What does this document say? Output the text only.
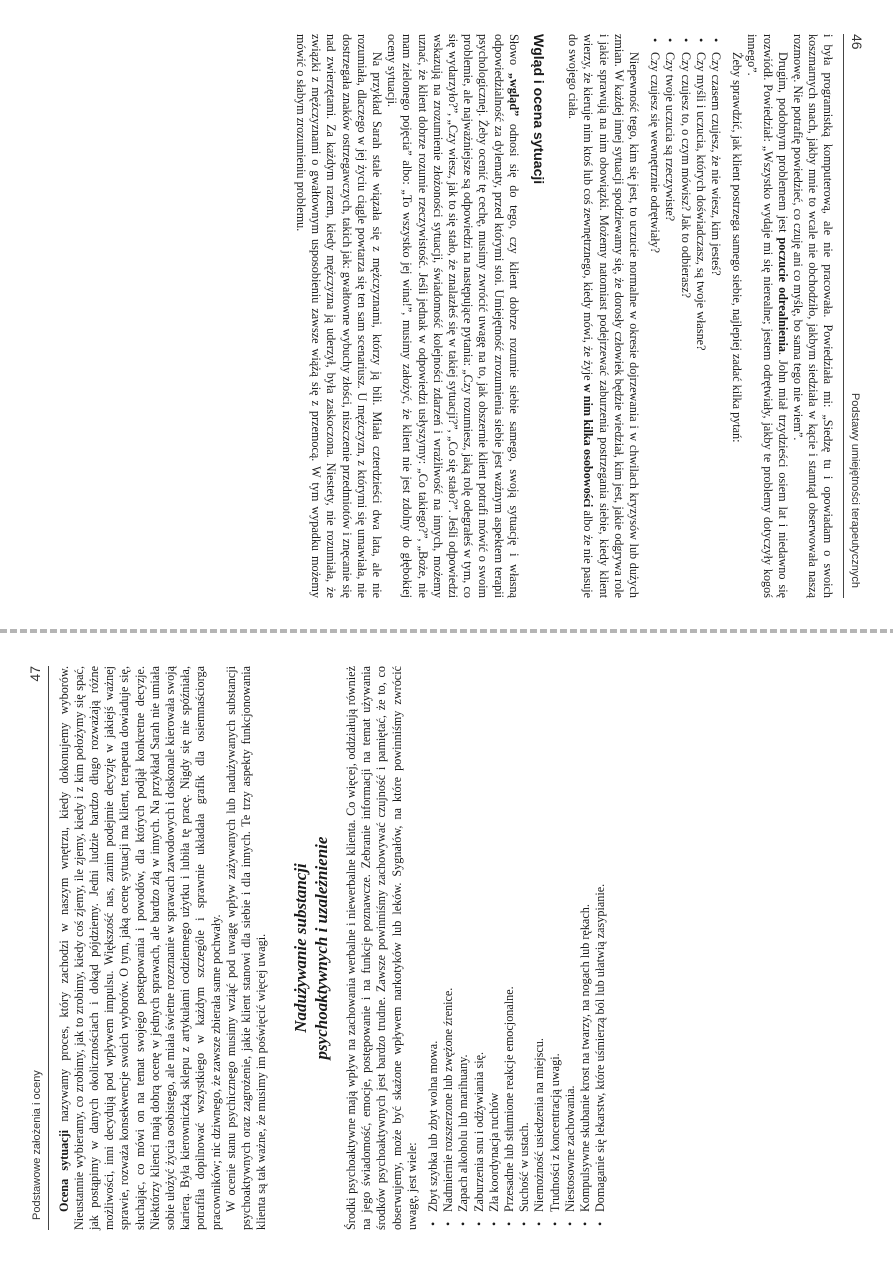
46
Podstawy umiejętności terapeutycznych

i była programistką komputerową, ale nie pracowała. Powiedziała mi: „Siedzę tu i opowiadam o swoich koszmarnych snach, jakby mnie to wcale nie obchodziło, jakbym siedziała w kącie i stamtąd obserwowała naszą rozmowę. Nie potrafię powiedzieć, co czuję ani co myślę, bo sama tego nie wiem”.

Drugim, podobnym problemem jest poczucie odrealnienia. John miał trzydzieści osiem lat i niedawno się rozwiódł. Powiedział: „Wszystko wydaje mi się nierealne; jestem odrętwiały, jakby te problemy dotyczyły kogoś innego”.

Żeby sprawdzić, jak klient postrzega samego siebie, najlepiej zadać kilka pytań:

•
Czy czasem czujesz, że nie wiesz, kim jesteś?
•
Czy myśli i uczucia, których doświadczasz, są twoje własne?
•
Czy czujesz to, o czym mówisz? Jak to odbierasz?
•
Czy twoje uczucia są rzeczywiste?
•
Czy czujesz się wewnętrznie odrętwiały?

Niepewność tego, kim się jest, to uczucie normalne w okresie dojrzewania i w chwilach kryzysów lub dużych zmian. W każdej innej sytuacji spodziewamy się, że dorosły człowiek będzie wiedział, kim jest, jakie odgrywa role i jakie sprawują na nim obowiązki. Możemy natomiast podejrzewać zaburzenia postrzegania siebie, kiedy klient wierzy, że kieruje nim ktoś lub coś zewnętrznego, kiedy mówi, że żyje w nim kilka osobowości albo że nie pasuje do swojego ciała.

Wgląd i ocena sytuacji

Słowo „wgląd” odnosi się do tego, czy klient dobrze rozumie siebie samego, swoją sytuację i własną odpowiedzialność za dylematy, przed którymi stoi. Umiejętność zrozumienia siebie jest ważnym aspektem terapii psychologicznej. Żeby ocenić tę cechę, musimy zwrócić uwagę na to, jak obszernie klient potrafi mówić o swoim problemie, ale najważniejsze są odpowiedzi na następujące pytania: „Czy rozumiesz, jaką rolę odegrałeś w tym, co się wydarzyło?”, „Czy wiesz, jak to się stało, że znalazłeś się w takiej sytuacji?”, „Co się stało?”. Jeśli odpowiedzi wskazują na zrozumienie złożoności sytuacji, świadomość kolejności zdarzeń i wrażliwość na innych, możemy uznać, że klient dobrze rozumie rzeczywistość. Jeśli jednak w odpowiedzi usłyszymy: „Co takiego?”, „Boże, nie mam zielonego pojęcia” albo: „To wszystko jej wina!”, musimy założyć, że klient nie jest zdolny do głębokiej oceny sytuacji.

Na przykład Sarah stale wiązała się z mężczyznami, którzy ją bili. Miała czterdzieści dwa lata, ale nie rozumiała, dlaczego w jej życiu ciągle powtarza się ten sam scenariusz. U mężczyzn, z którymi się umawiała, nie dostrzegała znaków ostrzegawczych, takich jak: gwałtowne wybuchy złości, niszczenie przedmiotów i znęcanie się nad zwierzętami. Za każdym razem, kiedy mężczyzna ją uderzył, była zaskoczona. Niestety, nie rozumiała, że związki z mężczyznami o gwałtownym usposobieniu zawsze wiążą się z przemocą. W tym wypadku możemy mówić o słabym zrozumieniu problemu.

Podstawowe założenia i oceny
47

Ocena sytuacji nazywamy proces, który zachodzi w naszym wnętrzu, kiedy dokonujemy wyborów. Nieustannie wybieramy, co zrobimy, jak to zrobimy, kiedy coś zjemy, ile zjemy, kiedy i z kim położymy się spać, jak postąpimy w danych okolicznościach i dokąd pójdziemy. Jedni ludzie bardzo długo rozważają różne możliwości, inni decydują pod wpływem impulsu. Większość nas, zanim podejmie decyzję w jakiejś ważnej sprawie, rozważa konsekwencje swoich wyborów. O tym, jaką ocenę sytuacji ma klient, terapeuta dowiaduje się, słuchając, co mówi on na temat swojego postępowania i powodów, dla których podjął konkretne decyzje. Niektórzy klienci mają dobrą ocenę w jednych sprawach, ale bardzo złą w innych. Na przykład Sarah nie umiała sobie ułożyć życia osobistego, ale miała świetne rozeznanie w sprawach zawodowych i doskonale kierowała swoją karierą. Była kierowniczką sklepu z artykułami codziennego użytku i lubiła tę pracę. Nigdy się nie spóźniała, potrafiła dopilnować wszystkiego w każdym szczególe i sprawnie układała grafik dla osiemnaściorga pracowników; nic dziwnego, że zawsze zbierała same pochwały. W ocenie stanu psychicznego musimy wziąć pod uwagę wpływ zażywanych lub nadużywanych substancji psychoaktywnych oraz zagrożenie, jakie klient stanowi dla siebie i dla innych. Te trzy aspekty funkcjonowania klienta są tak ważne, że musimy im poświęcić więcej uwagi. Nadużywanie substancji
psychoaktywnych i uzależnienie Środki psychoaktywne mają wpływ na zachowania werbalne i niewerbalne klienta. Co więcej, oddziałują również na jego świadomość, emocje, postępowanie i na funkcje poznawcze. Zebranie informacji na temat używania środków psychoaktywnych jest bardzo trudne. Zawsze powinniśmy zachowywać czujność i pamiętać, że to, co obserwujemy, może być skażone wpływem narkotyków lub leków. Sygnałów, na które powinniśmy zwrócić uwagę, jest wiele: •
Zbyt szybka lub zbyt wolna mowa.
•
Nadmiernie rozszerzone lub zwężone źrenice.
•
Zapach alkoholu lub marihuany.
•
Zaburzenia snu i odżywiania się.
•
Zła koordynacja ruchów
•
Przesadne lub stłumione reakcje emocjonalne.
•
Suchość w ustach.
•
Niemożność usiedzenia na miejscu.
•
Trudności z koncentracją uwagi.
•
Niestosowne zachowania.
•
Kompulsywne skubanie krost na twarzy, na nogach lub rękach.
•
Domaganie się lekarstw, które uśmierzą ból lub ułatwią zasypianie.
